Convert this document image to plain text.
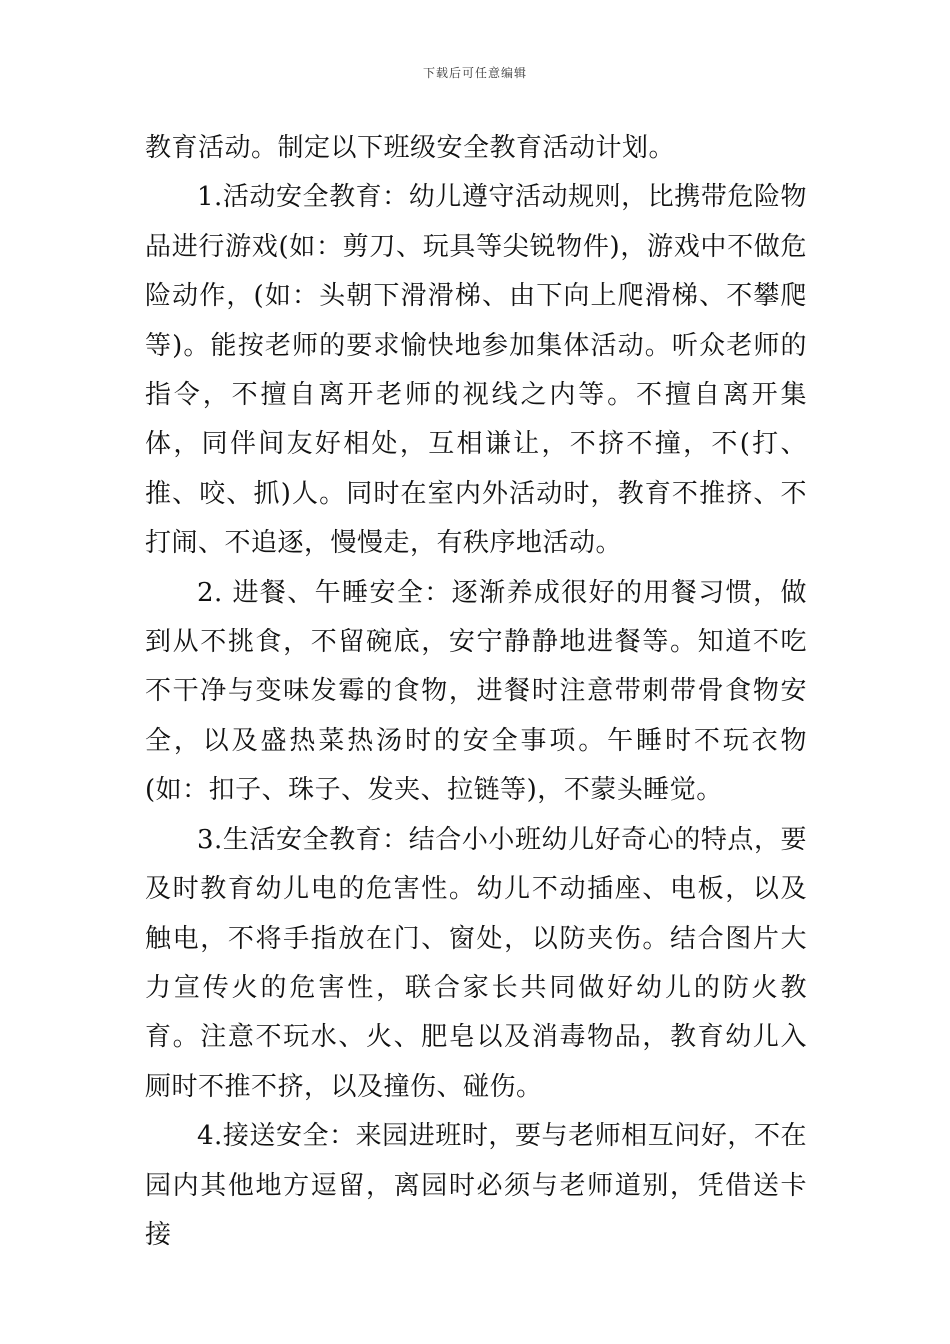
下载后可任意编辑

教育活动。制定以下班级安全教育活动计划。

1.活动安全教育：幼儿遵守活动规则，比携带危险物品进行游戏(如：剪刀、玩具等尖锐物件)，游戏中不做危险动作，(如：头朝下滑滑梯、由下向上爬滑梯、不攀爬等)。能按老师的要求愉快地参加集体活动。听众老师的指令，不擅自离开老师的视线之内等。不擅自离开集体，同伴间友好相处，互相谦让，不挤不撞，不(打、推、咬、抓)人。同时在室内外活动时，教育不推挤、不打闹、不追逐，慢慢走，有秩序地活动。

2. 进餐、午睡安全：逐渐养成很好的用餐习惯，做到从不挑食，不留碗底，安宁静静地进餐等。知道不吃不干净与变味发霉的食物，进餐时注意带刺带骨食物安全，以及盛热菜热汤时的安全事项。午睡时不玩衣物(如：扣子、珠子、发夹、拉链等)，不蒙头睡觉。

3.生活安全教育：结合小小班幼儿好奇心的特点，要及时教育幼儿电的危害性。幼儿不动插座、电板，以及触电，不将手指放在门、窗处，以防夹伤。结合图片大力宣传火的危害性，联合家长共同做好幼儿的防火教育。注意不玩水、火、肥皂以及消毒物品，教育幼儿入厕时不推不挤，以及撞伤、碰伤。

4.接送安全：来园进班时，要与老师相互问好，不在园内其他地方逗留，离园时必须与老师道别，凭借送卡接
